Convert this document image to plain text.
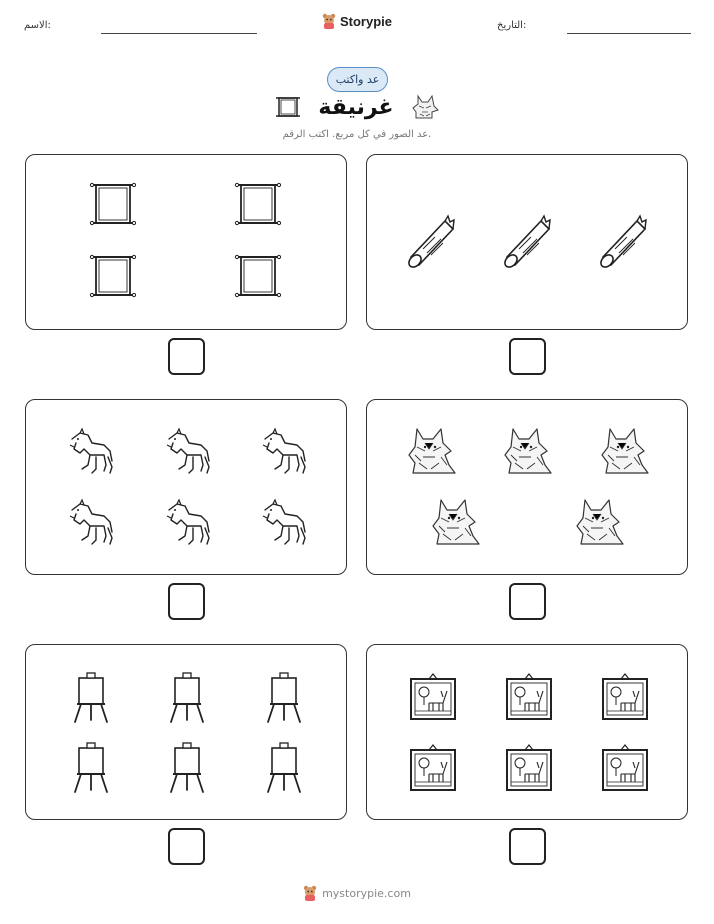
الاسم:	Storypie	التاريخ:
عد واكتب
غرنيقة
عد الصور في كل مربع. اكتب الرقم.
mystorypie.com
